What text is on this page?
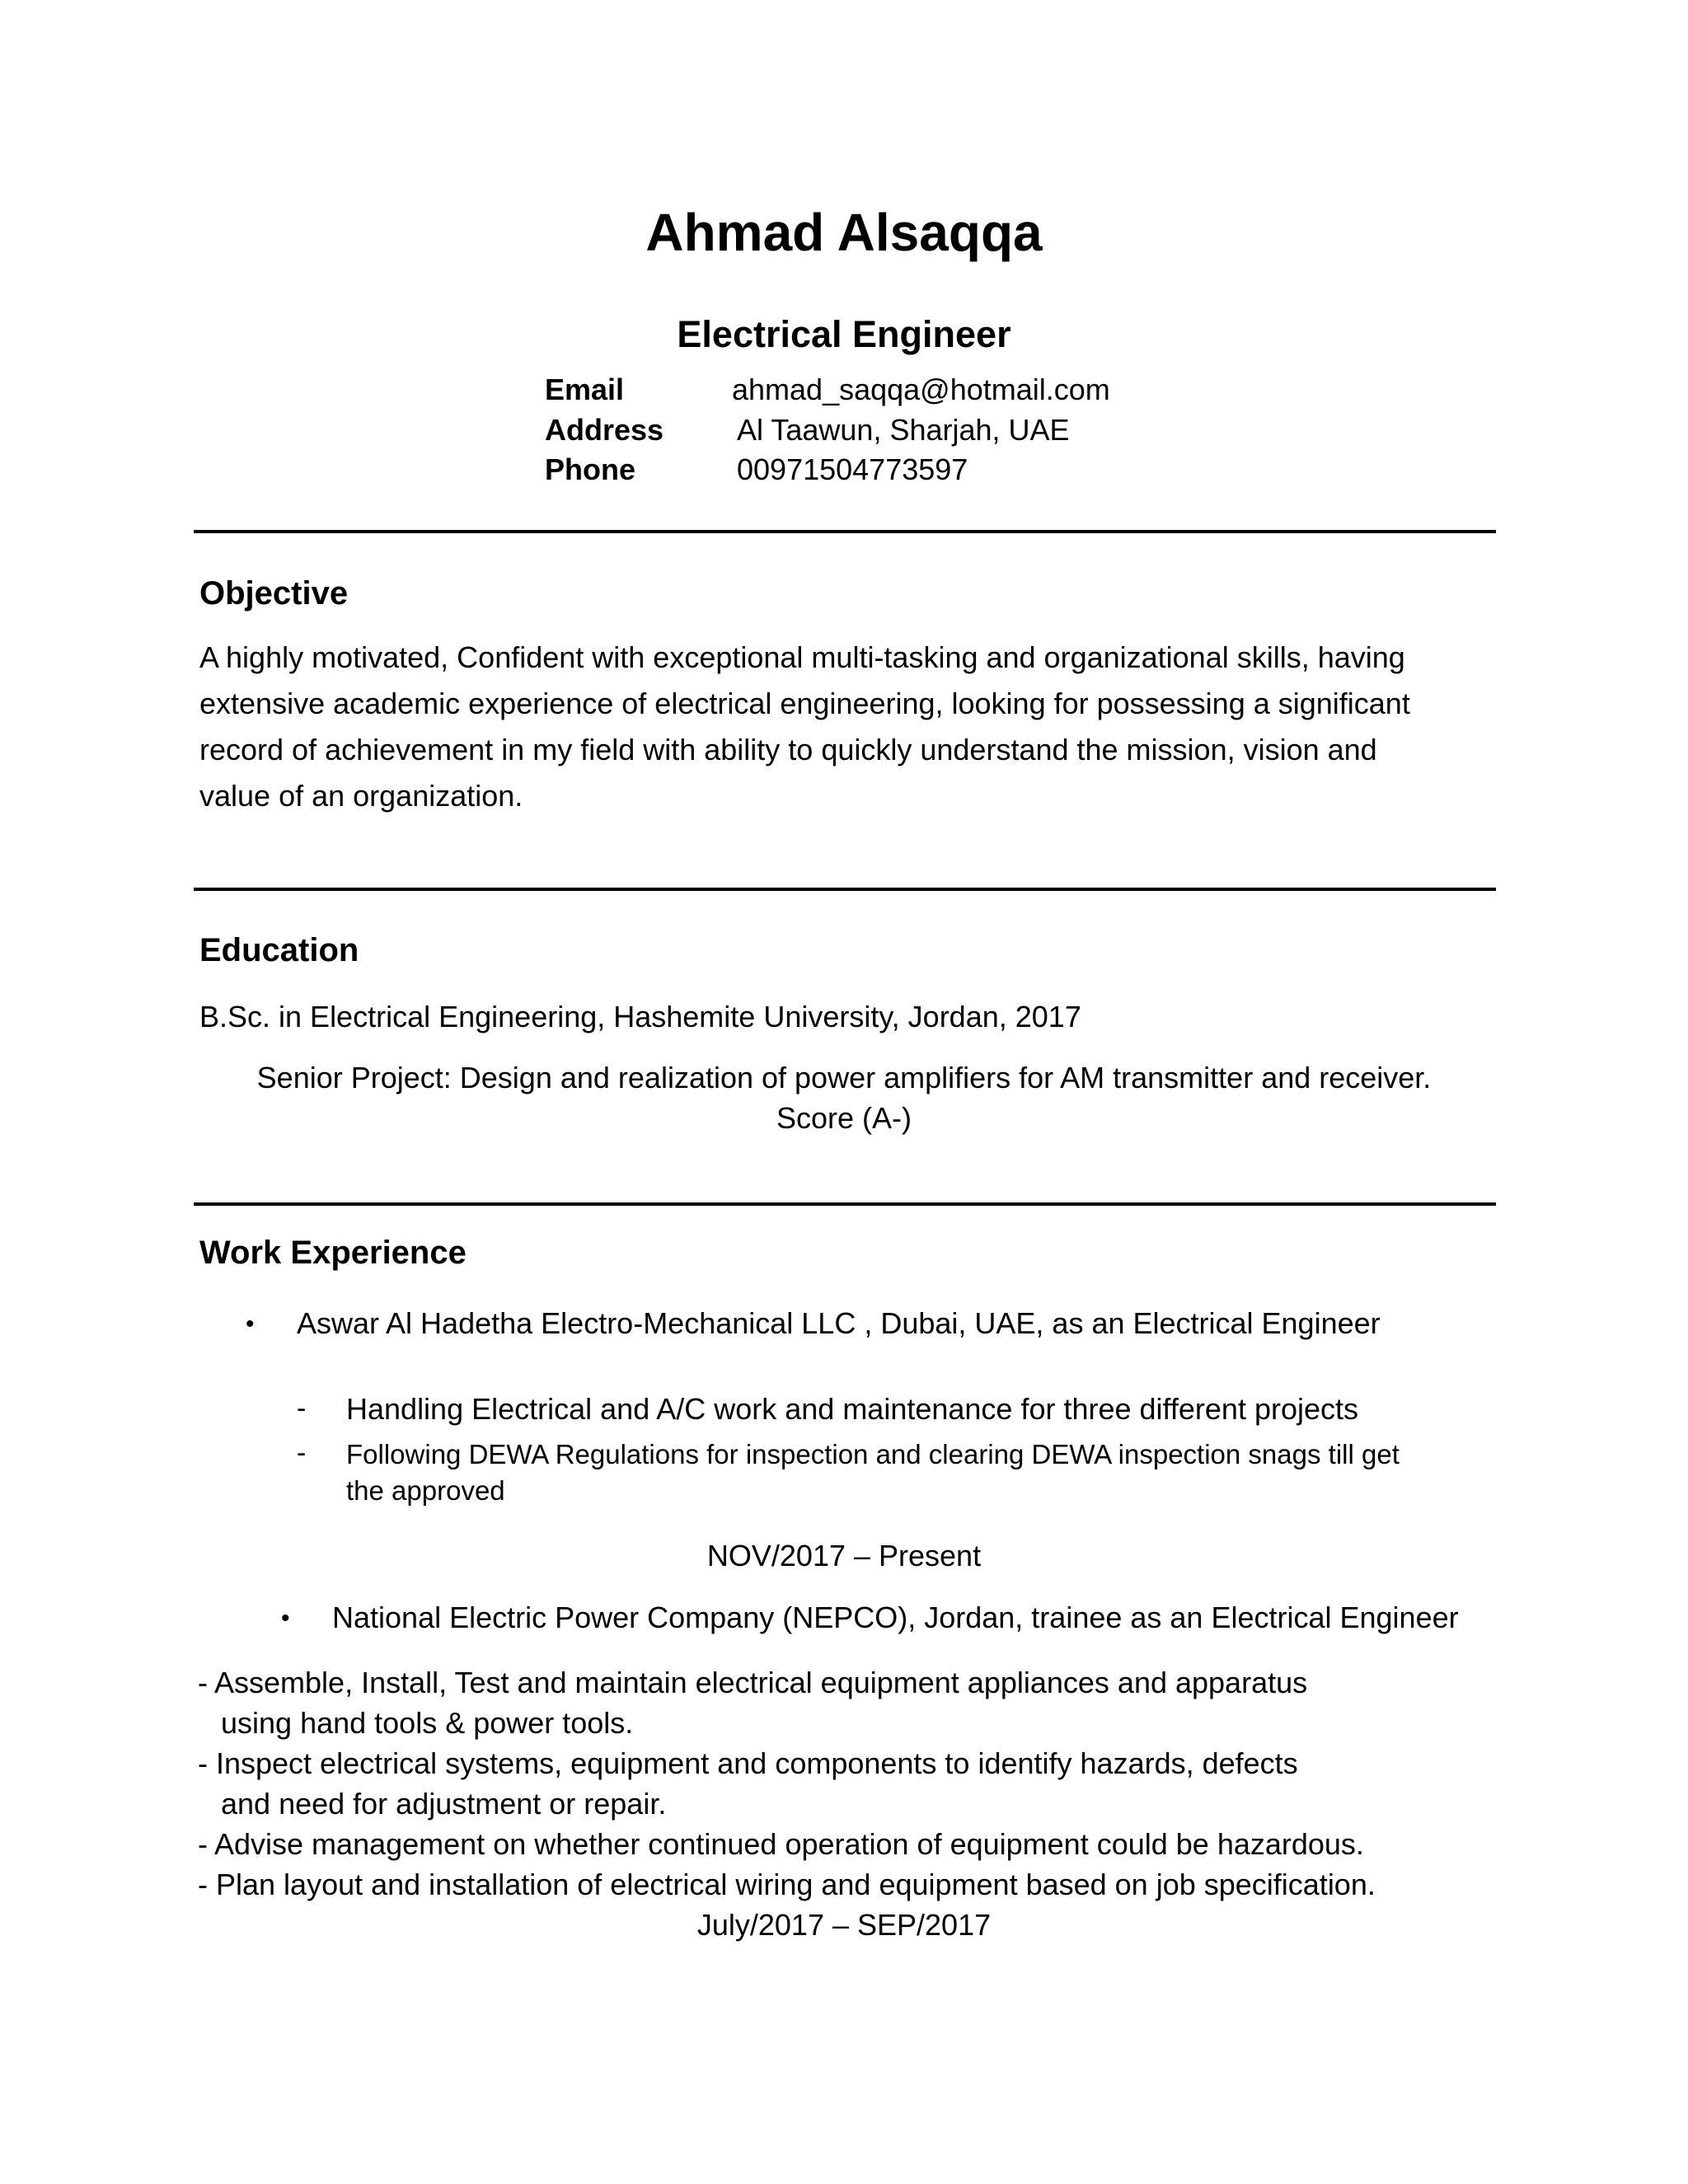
Ahmad Alsaqqa
Electrical Engineer
Email	ahmad_saqqa@hotmail.com
Address Al Taawun, Sharjah, UAE
Phone	00971504773597
Objective
A highly motivated, Confident with exceptional multi-tasking and organizational skills, having
extensive academic experience of electrical engineering, looking for possessing a significant
record of achievement in my field with ability to quickly understand the mission, vision and
value of an organization.
Education
B.Sc. in Electrical Engineering, Hashemite University, Jordan, 2017
Senior Project: Design and realization of power amplifiers for AM transmitter and receiver.
Score (A-)
Work Experience
• Aswar Al Hadetha Electro-Mechanical LLC , Dubai, UAE, as an Electrical Engineer
- Handling Electrical and A/C work and maintenance for three different projects
- Following DEWA Regulations for inspection and clearing DEWA inspection snags till get
the approved
NOV/2017 – Present
• National Electric Power Company (NEPCO), Jordan, trainee as an Electrical Engineer
- Assemble, Install, Test and maintain electrical equipment appliances and apparatus
using hand tools & power tools.
- Inspect electrical systems, equipment and components to identify hazards, defects
and need for adjustment or repair.
- Advise management on whether continued operation of equipment could be hazardous.
- Plan layout and installation of electrical wiring and equipment based on job specification.
July/2017 – SEP/2017
